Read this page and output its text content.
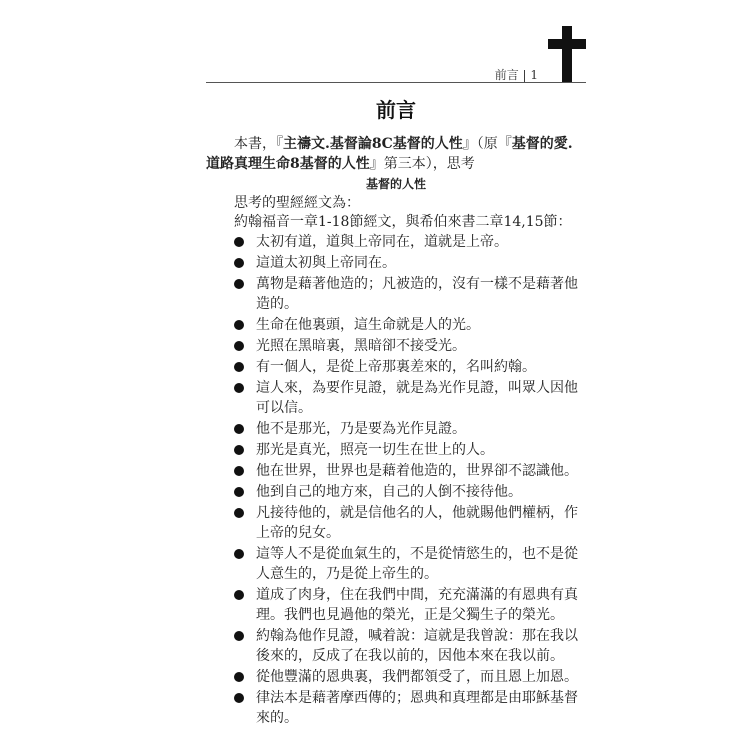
前言 | 1
前言
本書，『主禱文.基督論8C基督的人性』（原『基督的愛.道路真理生命8基督的人性』第三本），思考
基督的人性
思考的聖經經文為：
約翰福音一章1-18節經文，與希伯來書二章14,15節：
太初有道，道與上帝同在，道就是上帝。
這道太初與上帝同在。
萬物是藉著他造的；凡被造的，沒有一樣不是藉著他造的。
生命在他裏頭，這生命就是人的光。
光照在黑暗裏，黑暗卻不接受光。
有一個人，是從上帝那裏差來的，名叫約翰。
這人來，為要作見證，就是為光作見證，叫眾人因他可以信。
他不是那光，乃是要為光作見證。
那光是真光，照亮一切生在世上的人。
他在世界，世界也是藉着他造的，世界卻不認識他。
他到自己的地方來，自己的人倒不接待他。
凡接待他的，就是信他名的人，他就賜他們權柄，作上帝的兒女。
這等人不是從血氣生的，不是從情慾生的，也不是從人意生的，乃是從上帝生的。
道成了肉身，住在我們中間，充充滿滿的有恩典有真理。我們也見過他的榮光，正是父獨生子的榮光。
約翰為他作見證，喊着說：這就是我曾說：那在我以後來的，反成了在我以前的，因他本來在我以前。
從他豐滿的恩典裏，我們都領受了，而且恩上加恩。
律法本是藉著摩西傳的；恩典和真理都是由耶穌基督來的。
